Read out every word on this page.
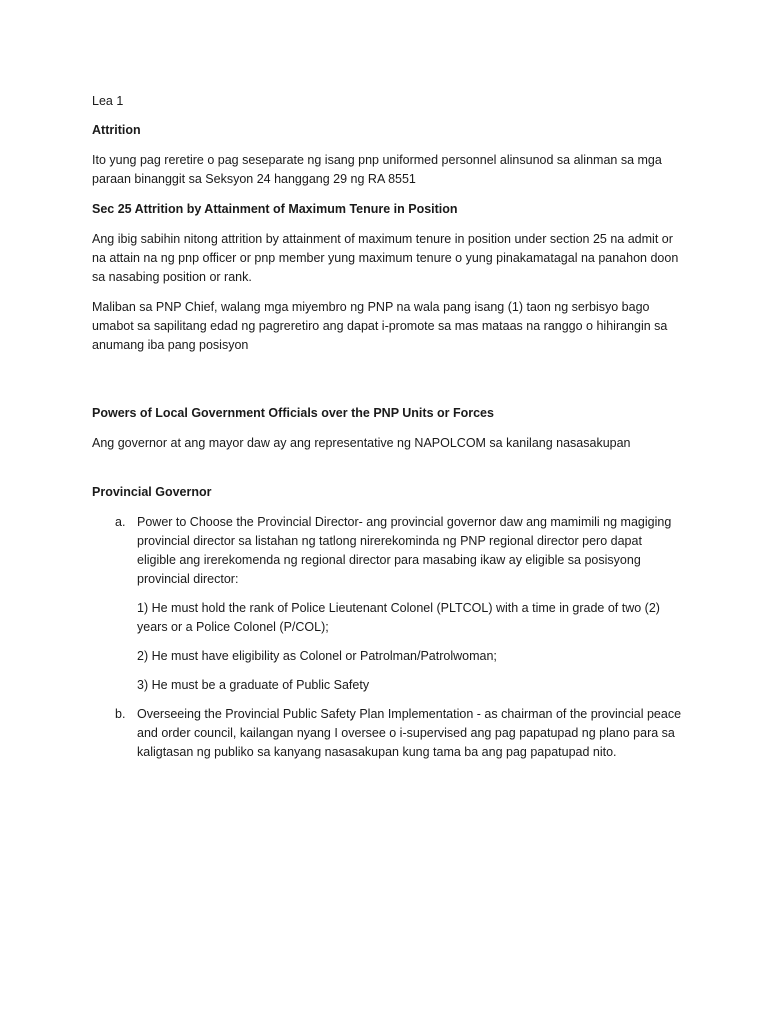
Lea 1

Attrition

Ito yung pag reretire o pag seseparate ng isang pnp uniformed personnel alinsunod sa alinman sa mga paraan binanggit sa Seksyon 24 hanggang 29 ng RA 8551

Sec 25 Attrition by Attainment of Maximum Tenure in Position

Ang ibig sabihin nitong attrition by attainment of maximum tenure in position under section 25 na admit or na attain na ng pnp officer or pnp member yung maximum tenure o yung pinakamatagal na panahon doon sa nasabing position or rank.

Maliban sa PNP Chief, walang mga miyembro ng PNP na wala pang isang (1) taon ng serbisyo bago umabot sa sapilitang edad ng pagreretiro ang dapat i-promote sa mas mataas na ranggo o hihirangin sa anumang iba pang posisyon

Powers of Local Government Officials over the PNP Units or Forces

Ang governor at ang mayor daw ay ang representative ng NAPOLCOM sa kanilang nasasakupan

Provincial Governor

a. Power to Choose the Provincial Director- ang provincial governor daw ang mamimili ng magiging provincial director sa listahan ng tatlong nirerekominda ng PNP regional director pero dapat eligible ang irerekomenda ng regional director para masabing ikaw ay eligible sa posisyong provincial director:

1) He must hold the rank of Police Lieutenant Colonel (PLTCOL) with a time in grade of two (2) years or a Police Colonel (P/COL);

2) He must have eligibility as Colonel or Patrolman/Patrolwoman;

3) He must be a graduate of Public Safety

b. Overseeing the Provincial Public Safety Plan Implementation - as chairman of the provincial peace and order council, kailangan nyang I oversee o i-supervised ang pag papatupad ng plano para sa kaligtasan ng publiko sa kanyang nasasakupan kung tama ba ang pag papatupad nito.
